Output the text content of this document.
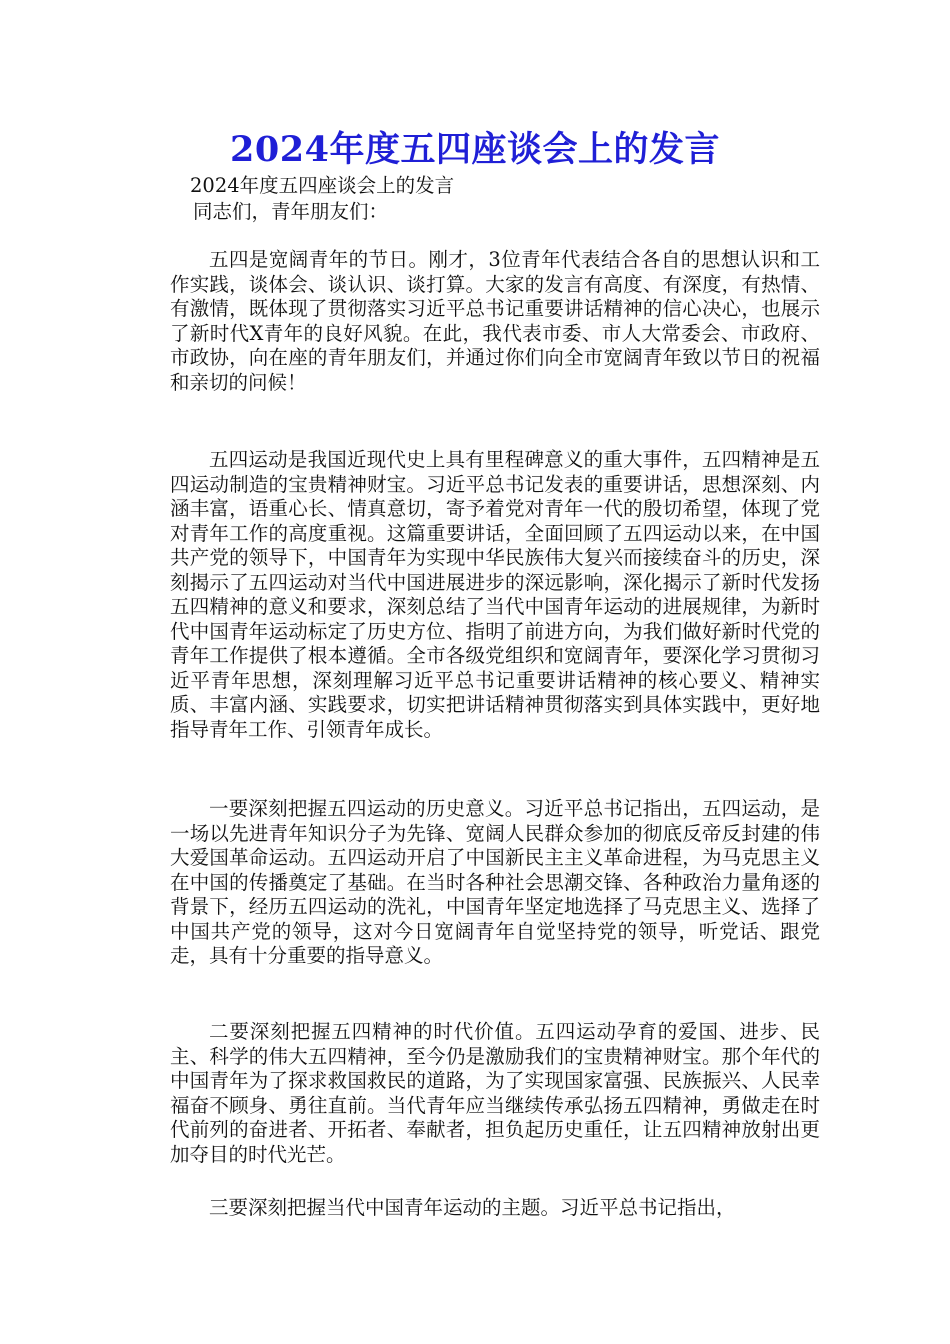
2024年度五四座谈会上的发言
2024年度五四座谈会上的发言
同志们，青年朋友们：

五四是宽阔青年的节日。刚才，3位青年代表结合各自的思想认识和工作实践，谈体会、谈认识、谈打算。大家的发言有高度、有深度，有热情、有激情，既体现了贯彻落实习近平总书记重要讲话精神的信心决心，也展示了新时代X青年的良好风貌。在此，我代表市委、市人大常委会、市政府、市政协，向在座的青年朋友们，并通过你们向全市宽阔青年致以节日的祝福和亲切的问候！

五四运动是我国近现代史上具有里程碑意义的重大事件，五四精神是五四运动制造的宝贵精神财宝。习近平总书记发表的重要讲话，思想深刻、内涵丰富，语重心长、情真意切，寄予着党对青年一代的殷切希望，体现了党对青年工作的高度重视。这篇重要讲话，全面回顾了五四运动以来，在中国共产党的领导下，中国青年为实现中华民族伟大复兴而接续奋斗的历史，深刻揭示了五四运动对当代中国进展进步的深远影响，深化揭示了新时代发扬五四精神的意义和要求，深刻总结了当代中国青年运动的进展规律，为新时代中国青年运动标定了历史方位、指明了前进方向，为我们做好新时代党的青年工作提供了根本遵循。全市各级党组织和宽阔青年，要深化学习贯彻习近平青年思想，深刻理解习近平总书记重要讲话精神的核心要义、精神实质、丰富内涵、实践要求，切实把讲话精神贯彻落实到具体实践中，更好地指导青年工作、引领青年成长。

一要深刻把握五四运动的历史意义。习近平总书记指出，五四运动，是一场以先进青年知识分子为先锋、宽阔人民群众参加的彻底反帝反封建的伟大爱国革命运动。五四运动开启了中国新民主主义革命进程，为马克思主义在中国的传播奠定了基础。在当时各种社会思潮交锋、各种政治力量角逐的背景下，经历五四运动的洗礼，中国青年坚定地选择了马克思主义、选择了中国共产党的领导，这对今日宽阔青年自觉坚持党的领导，听党话、跟党走，具有十分重要的指导意义。

二要深刻把握五四精神的时代价值。五四运动孕育的爱国、进步、民主、科学的伟大五四精神，至今仍是激励我们的宝贵精神财宝。那个年代的中国青年为了探求救国救民的道路，为了实现国家富强、民族振兴、人民幸福奋不顾身、勇往直前。当代青年应当继续传承弘扬五四精神，勇做走在时代前列的奋进者、开拓者、奉献者，担负起历史重任，让五四精神放射出更加夺目的时代光芒。

三要深刻把握当代中国青年运动的主题。习近平总书记指出，
